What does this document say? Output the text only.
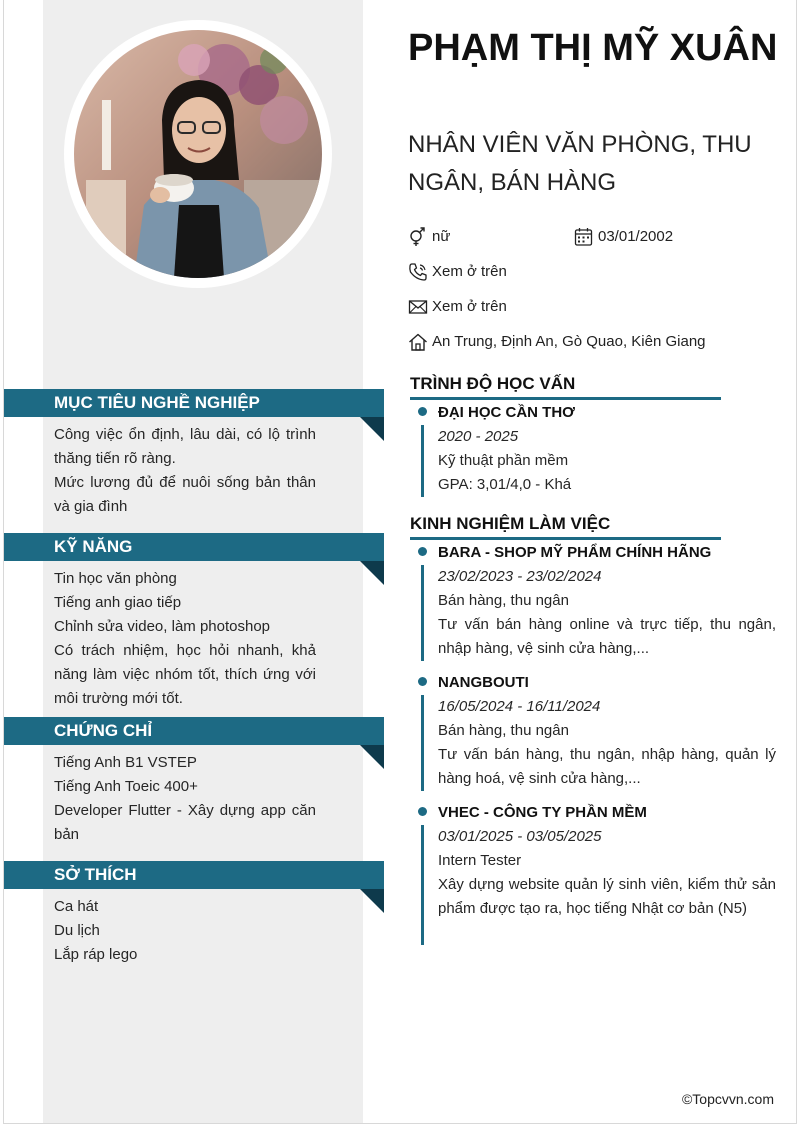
MỤC TIÊU NGHỀ NGHIỆP
Công việc ổn định, lâu dài, có lộ trình thăng tiến rõ ràng.
Mức lương đủ để nuôi sống bản thân và gia đình
KỸ NĂNG
Tin học văn phòng
Tiếng anh giao tiếp
Chỉnh sửa video, làm photoshop
Có trách nhiệm, học hỏi nhanh, khả năng làm việc nhóm tốt, thích ứng với môi trường mới tốt.
CHỨNG CHỈ
Tiếng Anh B1 VSTEP
Tiếng Anh Toeic 400+
Developer Flutter - Xây dựng app căn bản
SỞ THÍCH
Ca hát
Du lịch
Lắp ráp lego
PHẠM THỊ MỸ XUÂN
NHÂN VIÊN VĂN PHÒNG, THU NGÂN, BÁN HÀNG
nữ	03/01/2002
Xem ở trên
Xem ở trên
An Trung, Định An, Gò Quao, Kiên Giang
TRÌNH ĐỘ HỌC VẤN
ĐẠI HỌC CẦN THƠ
2020 - 2025
Kỹ thuật phần mềm
GPA: 3,01/4,0 - Khá
KINH NGHIỆM LÀM VIỆC
BARA - SHOP MỸ PHẨM CHÍNH HÃNG
23/02/2023 - 23/02/2024
Bán hàng, thu ngân
Tư vấn bán hàng online và trực tiếp, thu ngân, nhập hàng, vệ sinh cửa hàng,...
NANGBOUTI
16/05/2024 - 16/11/2024
Bán hàng, thu ngân
Tư vấn bán hàng, thu ngân, nhập hàng, quản lý hàng hoá, vệ sinh cửa hàng,...
VHEC - CÔNG TY PHẦN MỀM
03/01/2025 - 03/05/2025
Intern Tester
Xây dựng website quản lý sinh viên, kiểm thử sản phẩm được tạo ra, học tiếng Nhật cơ bản (N5)
©Topcvvn.com
